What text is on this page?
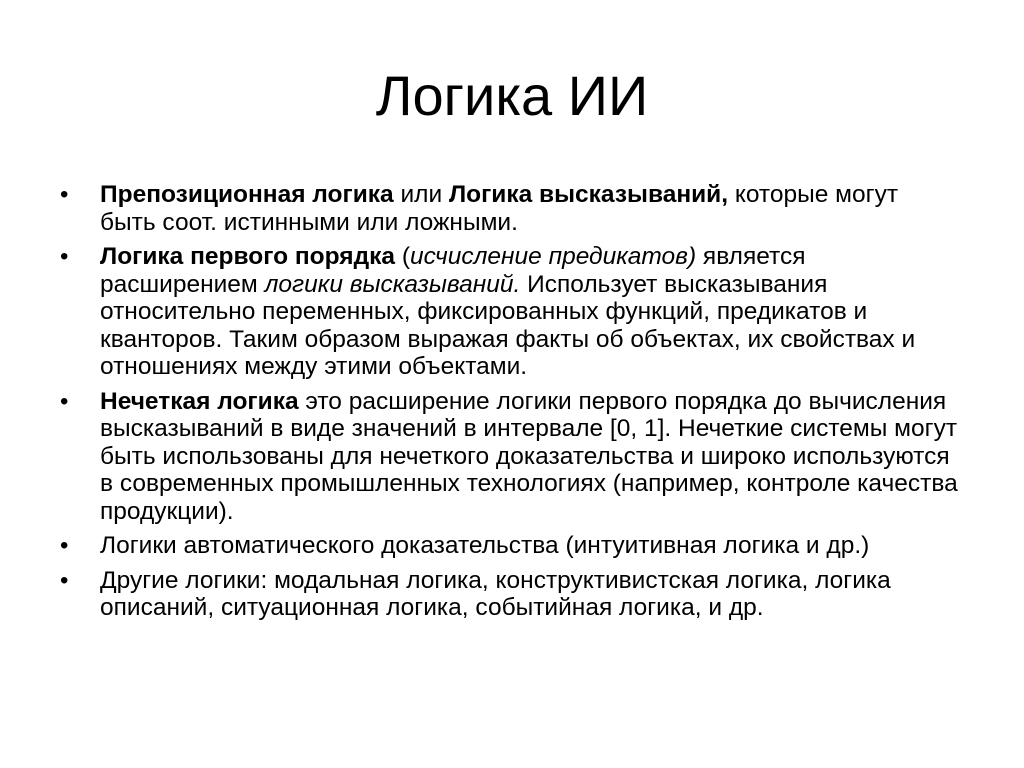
Логика ИИ
•	Препозиционная логика или Логика высказываний, которые могут быть соот. истинными или ложными.
•	Логика первого порядка (исчисление предикатов) является расширением логики высказываний. Использует высказывания относительно переменных, фиксированных функций, предикатов и кванторов. Таким образом выражая факты об объектах, их свойствах и отношениях между этими объектами.
•	Нечеткая логика это расширение логики первого порядка до вычисления высказываний в виде значений в интервале [0, 1]. Нечеткие системы могут быть использованы для нечеткого доказательства и широко используются в современных промышленных технологиях (например, контроле качества продукции).
•	Логики автоматического доказательства (интуитивная логика и др.)
•	Другие логики: модальная логика, конструктивистская логика, логика описаний, ситуационная логика, событийная логика, и др.
